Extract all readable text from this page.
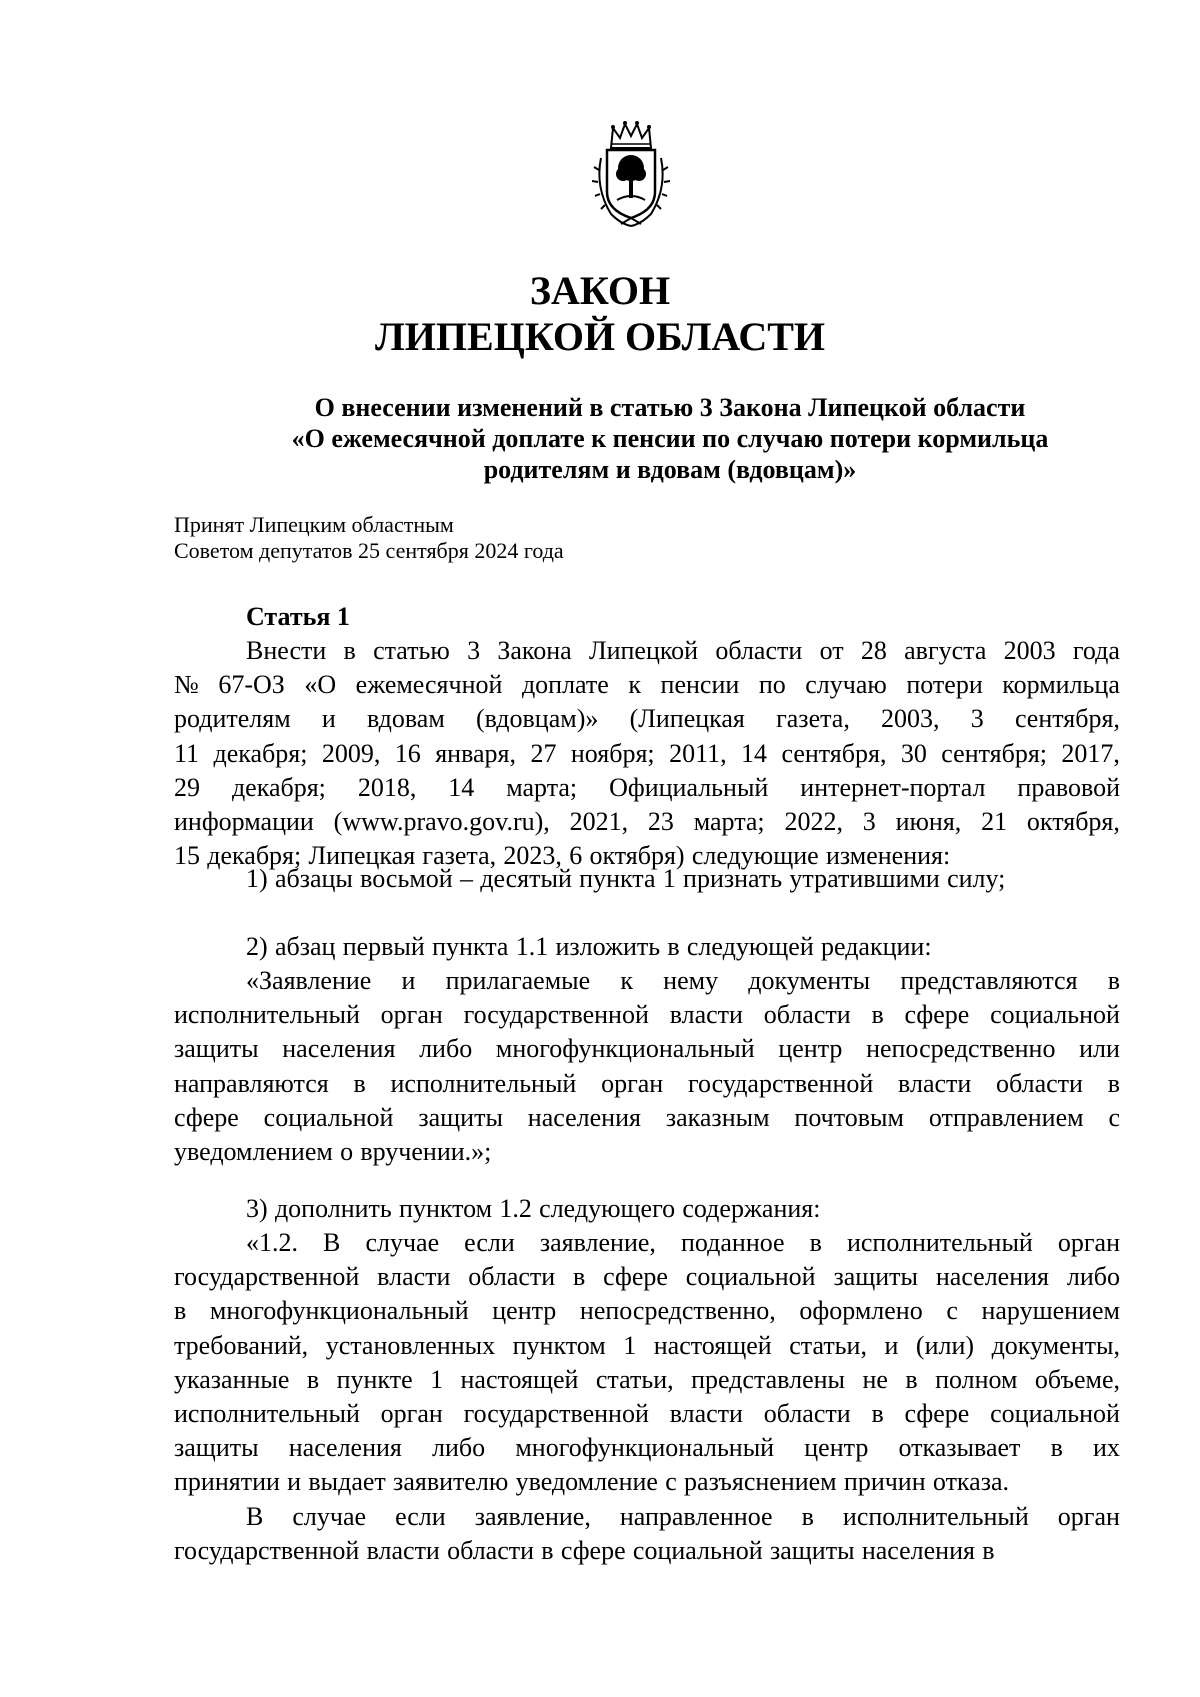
ЗАКОН
ЛИПЕЦКОЙ ОБЛАСТИ
О внесении изменений в статью 3 Закона Липецкой области
«О ежемесячной доплате к пенсии по случаю потери кормильца
родителям и вдовам (вдовцам)»
Принят Липецким областным
Советом депутатов 25 сентября 2024 года
Статья 1
Внести в статью 3 Закона Липецкой области от 28 августа 2003 года
№ 67-ОЗ «О ежемесячной доплате к пенсии по случаю потери кормильца
родителям и вдовам (вдовцам)» (Липецкая газета, 2003, 3 сентября,
11 декабря; 2009, 16 января, 27 ноября; 2011, 14 сентября, 30 сентября; 2017,
29 декабря; 2018, 14 марта; Официальный интернет-портал правовой
информации (www.pravo.gov.ru), 2021, 23 марта; 2022, 3 июня, 21 октября,
15 декабря; Липецкая газета, 2023, 6 октября) следующие изменения:
1) абзацы восьмой – десятый пункта 1 признать утратившими силу;
2) абзац первый пункта 1.1 изложить в следующей редакции:
«Заявление и прилагаемые к нему документы представляются в
исполнительный орган государственной власти области в сфере социальной
защиты населения либо многофункциональный центр непосредственно или
направляются в исполнительный орган государственной власти области в
сфере социальной защиты населения заказным почтовым отправлением с
уведомлением о вручении.»;
3) дополнить пунктом 1.2 следующего содержания:
«1.2. В случае если заявление, поданное в исполнительный орган
государственной власти области в сфере социальной защиты населения либо
в многофункциональный центр непосредственно, оформлено с нарушением
требований, установленных пунктом 1 настоящей статьи, и (или) документы,
указанные в пункте 1 настоящей статьи, представлены не в полном объеме,
исполнительный орган государственной власти области в сфере социальной
защиты населения либо многофункциональный центр отказывает в их
принятии и выдает заявителю уведомление с разъяснением причин отказа.
В случае если заявление, направленное в исполнительный орган
государственной власти области в сфере социальной защиты населения в
